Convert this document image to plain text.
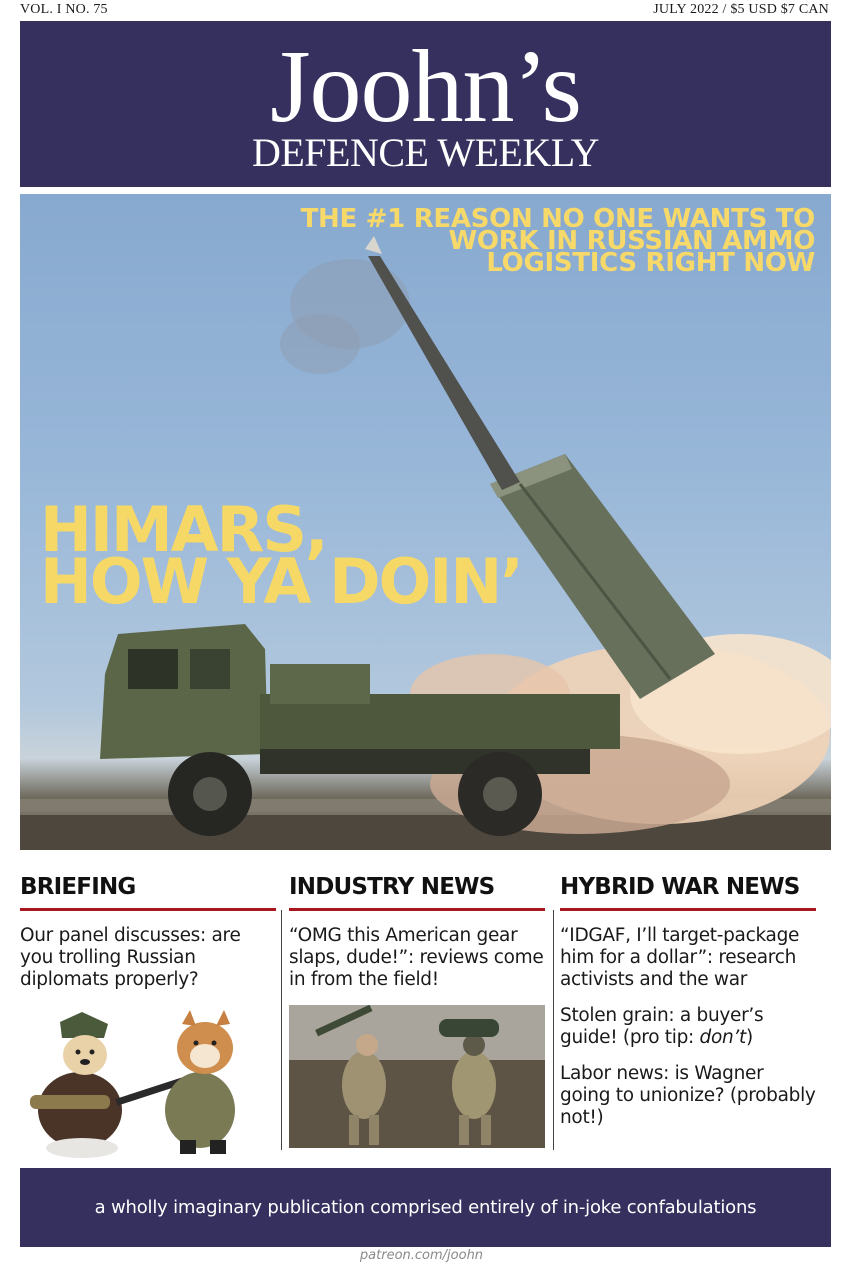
VOL. I NO. 75	JULY 2022 / $5 USD $7 CAN
Joohn’s
DEFENCE WEEKLY
THE #1 REASON NO ONE WANTS TO WORK IN RUSSIAN AMMO LOGISTICS RIGHT NOW
HIMARS,
HOW YA DOIN’
BRIEFING

Our panel discusses: are you trolling Russian diplomats properly?

INDUSTRY NEWS

“OMG this American gear slaps, dude!”: reviews come in from the field!

HYBRID WAR NEWS

“IDGAF, I’ll target-package him for a dollar”: research activists and the war

Stolen grain: a buyer’s guide! (pro tip: don’t)

Labor news: is Wagner going to unionize? (probably not!)

a wholly imaginary publication comprised entirely of in-joke confabulations
patreon.com/joohn
